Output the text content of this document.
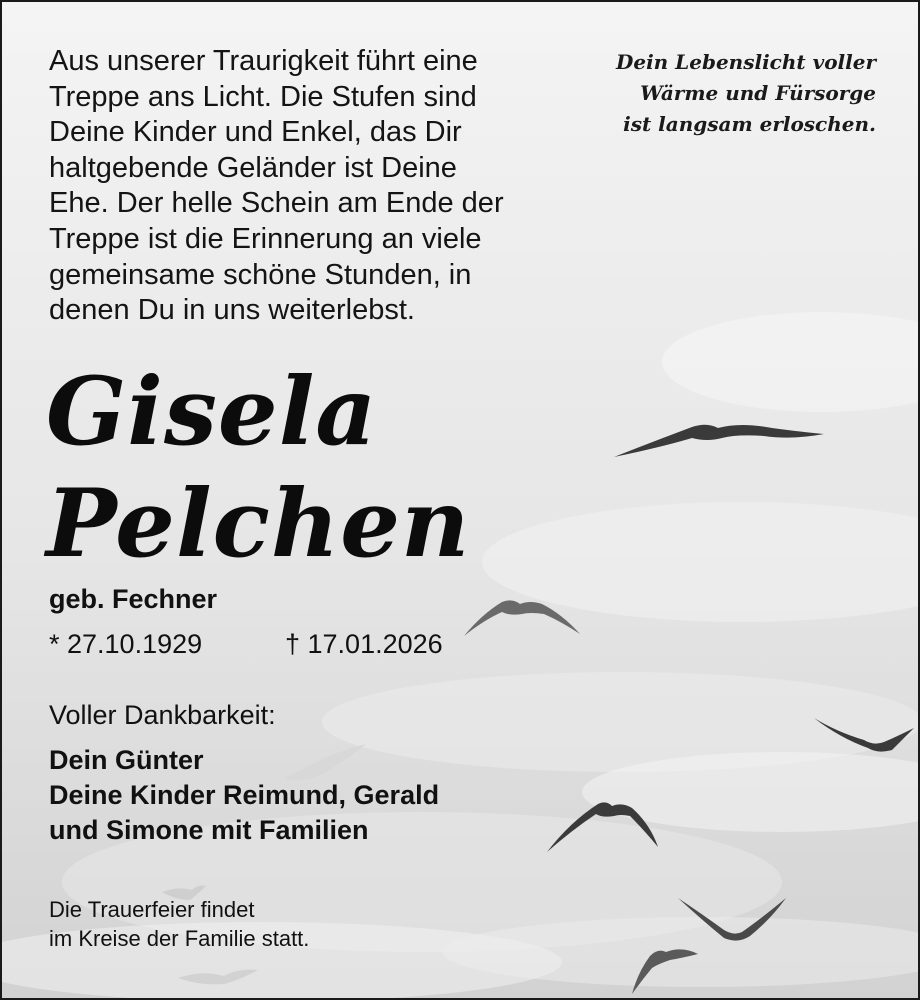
Aus unserer Traurigkeit führt eine
Treppe ans Licht. Die Stufen sind
Deine Kinder und Enkel, das Dir
haltgebende Geländer ist Deine
Ehe. Der helle Schein am Ende der
Treppe ist die Erinnerung an viele
gemeinsame schöne Stunden, in
denen Du in uns weiterlebst.

Dein Lebenslicht voller
Wärme und Fürsorge
ist langsam erloschen.

Gisela
Pelchen

geb. Fechner

* 27.10.1929	† 17.01.2026

Voller Dankbarkeit:

Dein Günter
Deine Kinder Reimund, Gerald
und Simone mit Familien
Die Trauerfeier findet
im Kreise der Familie statt.
